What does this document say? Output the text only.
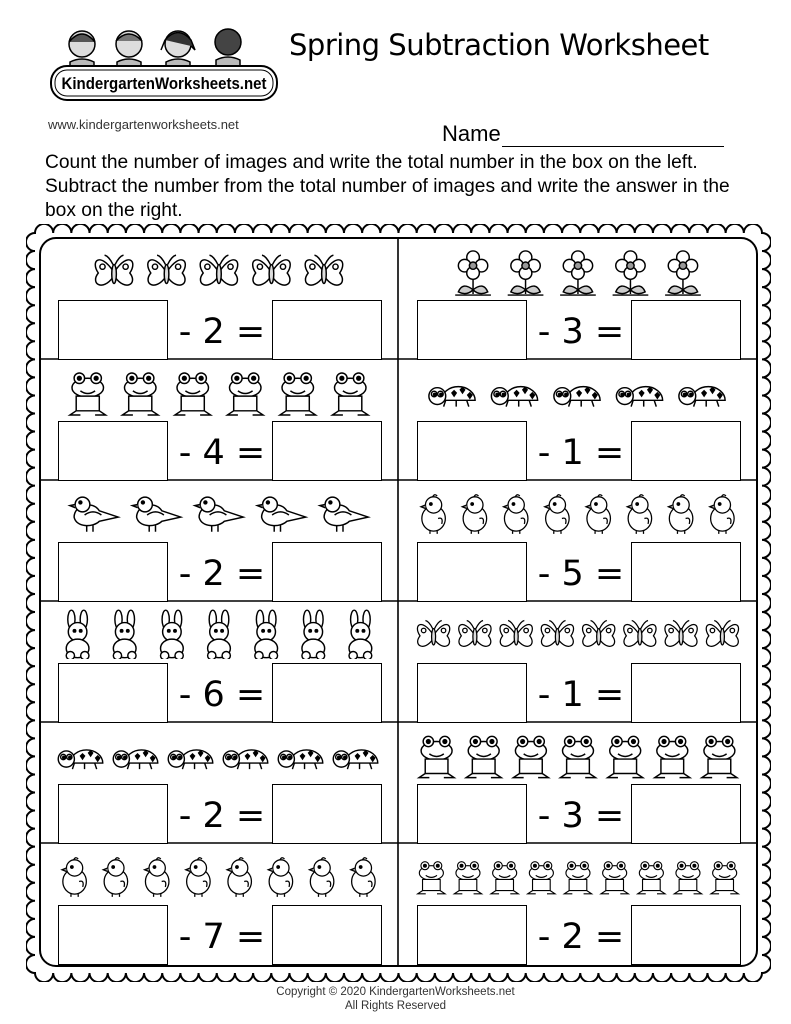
KindergartenWorksheets.net
Spring Subtraction Worksheet
www.kindergartenworksheets.net	Name
Count the number of images and write the total number in the box on the left. Subtract the number from the total number of images and write the answer in the box on the right.
- 2 =	- 3 =
- 4 =	- 1 =
- 2 =	- 5 =
- 6 =	- 1 =
- 2 =	- 3 =
- 7 =	- 2 =
Copyright © 2020 KindergartenWorksheets.net
All Rights Reserved
